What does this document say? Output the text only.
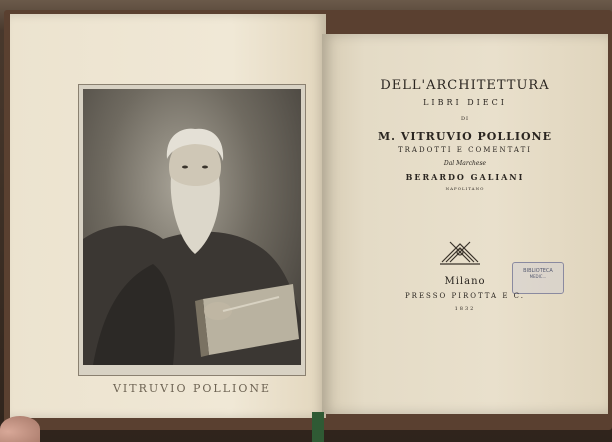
VITRUVIO POLLIONE
DELL'ARCHITETTURA
LIBRI DIECI
DI
M. VITRUVIO POLLIONE
TRADOTTI E COMENTATI
Dal Marchese
BERARDO GALIANI
NAPOLITANO
BIBLIOTECA
MEDIC...
Milano
PRESSO PIROTTA E C.
1832
